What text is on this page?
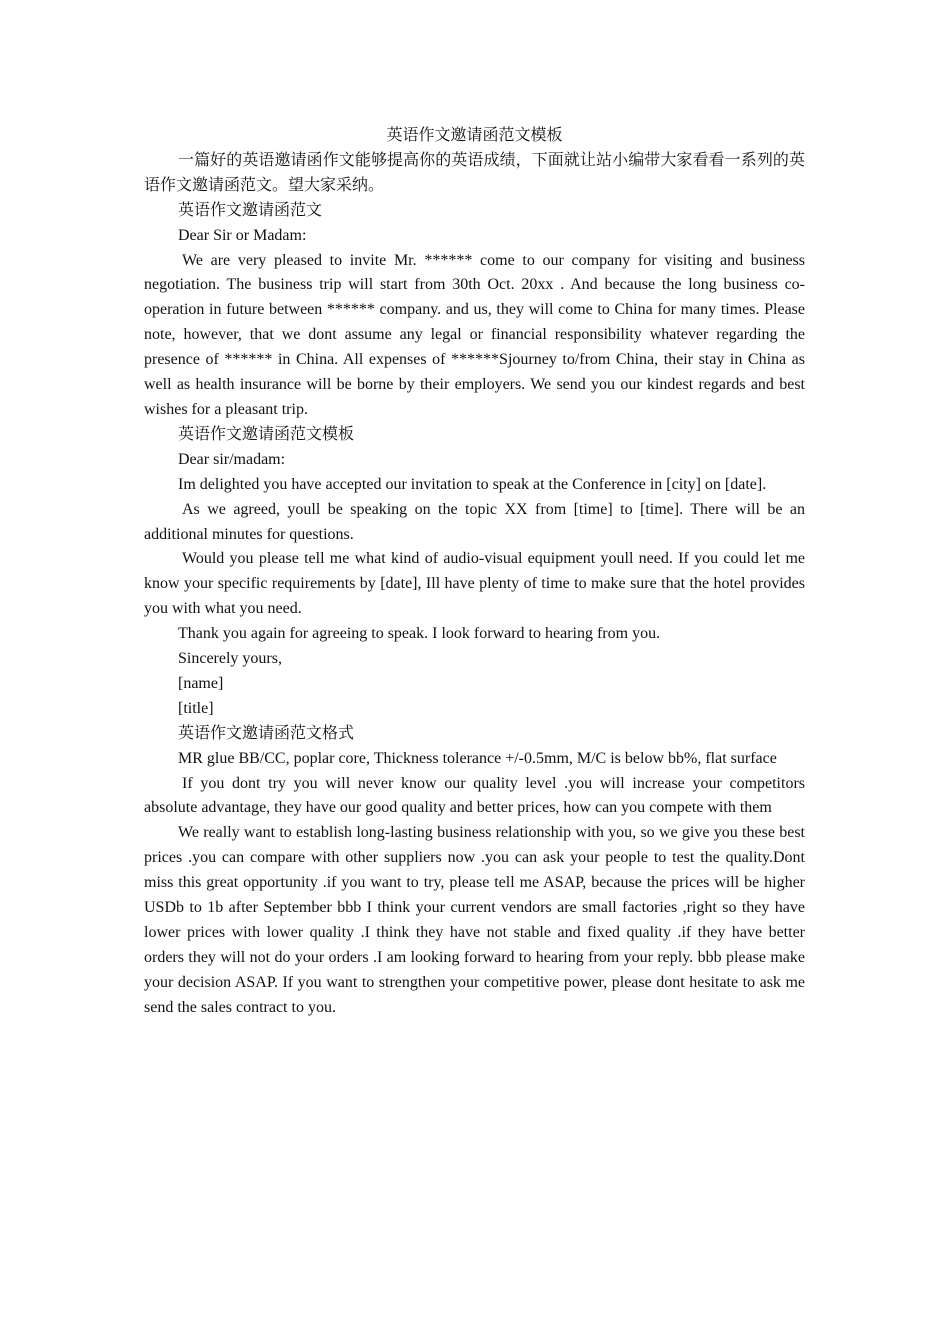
英语作文邀请函范文模板

一篇好的英语邀请函作文能够提高你的英语成绩，下面就让站小编带大家看看一系列的英语作文邀请函范文。望大家采纳。

英语作文邀请函范文

Dear Sir or Madam:

We are very pleased to invite Mr. ****** come to our company for visiting and business negotiation. The business trip will start from 30th Oct. 20xx . And because the long business co-operation in future between ****** company. and us, they will come to China for many times. Please note, however, that we dont assume any legal or financial responsibility whatever regarding the presence of ****** in China. All expenses of ******Sjourney to/from China, their stay in China as well as health insurance will be borne by their employers. We send you our kindest regards and best wishes for a pleasant trip.

英语作文邀请函范文模板

Dear sir/madam:

Im delighted you have accepted our invitation to speak at the Conference in [city] on [date].

As we agreed, youll be speaking on the topic XX from [time] to [time]. There will be an additional minutes for questions.

Would you please tell me what kind of audio-visual equipment youll need. If you could let me know your specific requirements by [date], Ill have plenty of time to make sure that the hotel provides you with what you need.

Thank you again for agreeing to speak. I look forward to hearing from you.

Sincerely yours,

[name]

[title]

英语作文邀请函范文格式

MR glue BB/CC, poplar core, Thickness tolerance +/-0.5mm, M/C is below bb%, flat surface

If you dont try you will never know our quality level .you will increase your competitors absolute advantage, they have our good quality and better prices, how can you compete with them

We really want to establish long-lasting business relationship with you, so we give you these best prices .you can compare with other suppliers now .you can ask your people to test the quality.Dont miss this great opportunity .if you want to try, please tell me ASAP, because the prices will be higher USDb to 1b after September bbb I think your current vendors are small factories ,right so they have lower prices with lower quality .I think they have not stable and fixed quality .if they have better orders they will not do your orders .I am looking forward to hearing from your reply. bbb please make your decision ASAP. If you want to strengthen your competitive power, please dont hesitate to ask me send the sales contract to you.
